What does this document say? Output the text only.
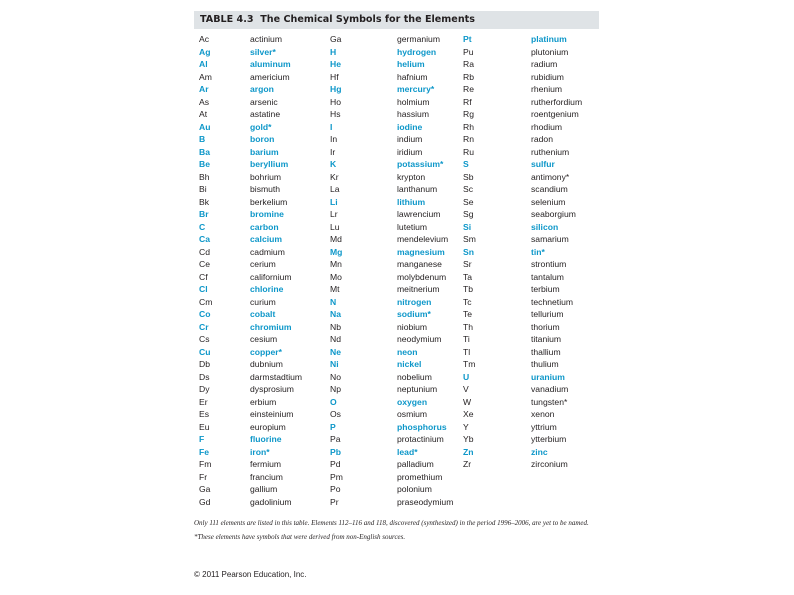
TABLE 4.3 The Chemical Symbols for the Elements
Ac	actinium	Ga	germanium	Pt	platinum
Ag	silver*	H	hydrogen	Pu	plutonium
Al	aluminum	He	helium	Ra	radium
Am	americium	Hf	hafnium	Rb	rubidium
Ar	argon	Hg	mercury*	Re	rhenium
As	arsenic	Ho	holmium	Rf	rutherfordium
At	astatine	Hs	hassium	Rg	roentgenium
Au	gold*	I	iodine	Rh	rhodium
B	boron	In	indium	Rn	radon
Ba	barium	Ir	iridium	Ru	ruthenium
Be	beryllium	K	potassium* S	sulfur
Bh	bohrium	Kr	krypton	Sb	antimony*
Bi	bismuth	La	lanthanum	Sc	scandium
Bk	berkelium	Li	lithium	Se	selenium
Br	bromine	Lr	lawrencium	Sg	seaborgium
C	carbon	Lu	lutetium	Si	silicon
Ca	calcium	Md	mendelevium Sm	samarium
Cd	cadmium	Mg	magnesium Sn	tin*
Ce	cerium	Mn	manganese Sr	strontium
Cf	californium	Mo	molybdenum Ta	tantalum
Cl	chlorine	Mt	meitnerium	Tb	terbium
Cm	curium	N	nitrogen	Tc	technetium
Co	cobalt	Na	sodium*	Te	tellurium
Cr	chromium	Nb	niobium	Th	thorium
Cs	cesium	Nd	neodymium	Ti	titanium
Cu	copper*	Ne	neon	Tl	thallium
Db	dubnium	Ni	nickel	Tm	thulium
Ds	darmstadtium	No	nobelium	U	uranium
Dy	dysprosium	Np	neptunium	V	vanadium
Er	erbium	O	oxygen	W	tungsten*
Es	einsteinium	Os	osmium	Xe	xenon
Eu	europium	P	phosphorus Y	yttrium
F	fluorine	Pa	protactinium Yb	ytterbium
Fe	iron*	Pb	lead*	Zn	zinc
Fm	fermium	Pd	palladium	Zr	zirconium
Fr	francium	Pm	promethium
Ga	gallium	Po	polonium
Gd	gadolinium	Pr	praseodymium
Only 111 elements are listed in this table. Elements 112–116 and 118, discovered (synthesized) in the period 1996–2006, are yet to be named.
*These elements have symbols that were derived from non-English sources.
© 2011 Pearson Education, Inc.
